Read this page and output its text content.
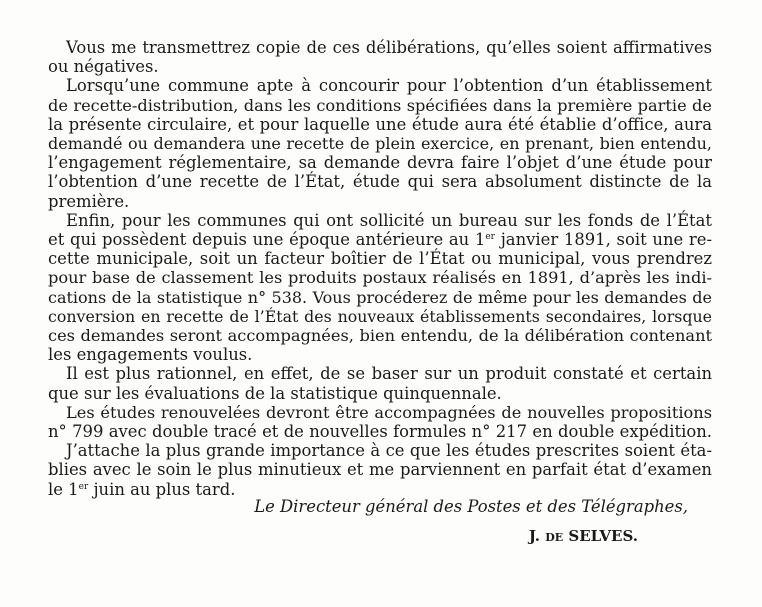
Vous me transmettrez copie de ces délibérations, qu’elles soient affirmatives
ou négatives.
Lorsqu’une commune apte à concourir pour l’obtention d’un établissement
de recette-distribution, dans les conditions spécifiées dans la première partie de
la présente circulaire, et pour laquelle une étude aura été établie d’office, aura
demandé ou demandera une recette de plein exercice, en prenant, bien entendu,
l’engagement réglementaire, sa demande devra faire l’objet d’une étude pour
l’obtention d’une recette de l’État, étude qui sera absolument distincte de la
première.
Enfin, pour les communes qui ont sollicité un bureau sur les fonds de l’État
et qui possèdent depuis une époque antérieure au 1er janvier 1891, soit une re-
cette municipale, soit un facteur boîtier de l’État ou municipal, vous prendrez
pour base de classement les produits postaux réalisés en 1891, d’après les indi-
cations de la statistique n° 538. Vous procéderez de même pour les demandes de
conversion en recette de l’État des nouveaux établissements secondaires, lorsque
ces demandes seront accompagnées, bien entendu, de la délibération contenant
les engagements voulus.
Il est plus rationnel, en effet, de se baser sur un produit constaté et certain
que sur les évaluations de la statistique quinquennale.
Les études renouvelées devront être accompagnées de nouvelles propositions
n° 799 avec double tracé et de nouvelles formules n° 217 en double expédition.
J’attache la plus grande importance à ce que les études prescrites soient éta-
blies avec le soin le plus minutieux et me parviennent en parfait état d’examen
le 1er juin au plus tard.
Le Directeur général des Postes et des Télégraphes,
J. de SELVES.
